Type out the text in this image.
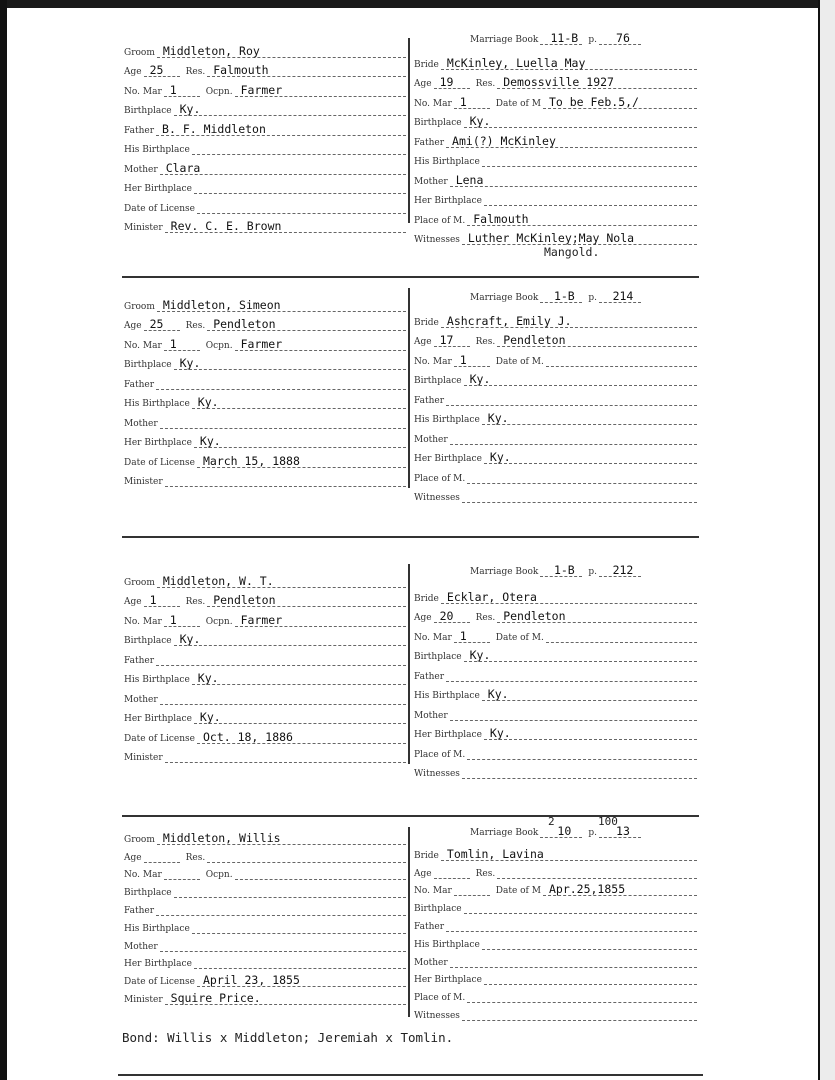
Groom Middleton, Roy
Age 25	Res. Falmouth
No. Mar 1	Ocpn. Farmer
Birthplace Ky.
Father B. F. Middleton
His Birthplace
Mother Clara
Her Birthplace
Date of License
Minister Rev. C. E. Brown
Marriage Book	11-B	p.	76
Bride McKinley, Luella May
Age 19	Res. Demossville 1927
No. Mar 1	Date of M To be Feb.5,/
Birthplace Ky.
Father Ami(?) McKinley
His Birthplace
Mother Lena
Her Birthplace
Place of M. Falmouth
Witnesses Luther McKinley;May Nola
Mangold.
Groom Middleton, Simeon
Age 25	Res. Pendleton
No. Mar 1	Ocpn. Farmer
Birthplace Ky.
Father
His Birthplace Ky.
Mother
Her Birthplace Ky.
Date of License March 15, 1888
Minister
Marriage Book	1-B	p.	214
Bride Ashcraft, Emily J.
Age 17	Res. Pendleton
No. Mar 1	Date of M.
Birthplace Ky.
Father
His Birthplace Ky.
Mother
Her Birthplace Ky.
Place of M.
Witnesses
Groom Middleton, W. T.
Age 1	Res. Pendleton
No. Mar 1	Ocpn. Farmer
Birthplace Ky.
Father
His Birthplace Ky.
Mother
Her Birthplace Ky.
Date of License Oct. 18, 1886
Minister
Marriage Book	1-B	p.	212
Bride Ecklar, Otera
Age 20	Res. Pendleton
No. Mar 1	Date of M.
Birthplace Ky.
Father
His Birthplace Ky.
Mother
Her Birthplace Ky.
Place of M.
Witnesses
Groom Middleton, Willis
Age	Res.
No. Mar	Ocpn.
Birthplace
Father
His Birthplace
Mother
Her Birthplace
Date of License April 23, 1855
Minister Squire Price.
Marriage Book	10	p.	13
2	100
Bride Tomlin, Lavina
Age	Res.
No. Mar	Date of M Apr.25,1855
Birthplace
Father
His Birthplace
Mother
Her Birthplace
Place of M.
Witnesses
Bond: Willis x Middleton; Jeremiah x Tomlin.
